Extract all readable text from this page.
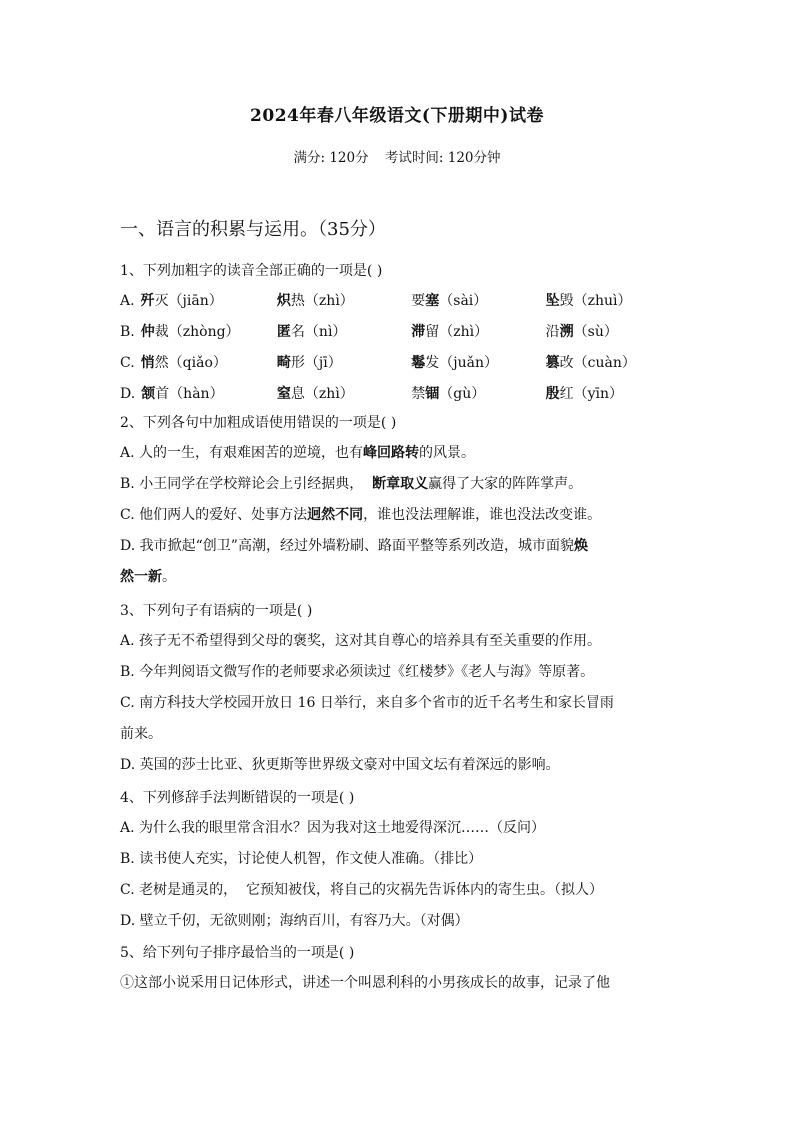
2024年春八年级语文(下册期中)试卷
满分: 120分 考试时间: 120分钟
一、语言的积累与运用。（35分）
1、下列加粗字的读音全部正确的一项是( )
A. 歼灭（jiān）	炽热（zhì）	要塞（sài）	坠毁（zhuì）
B. 仲裁（zhòng）	匿名（nì）	滞留（zhì）	沿溯（sù）
C. 悄然（qiǎo）	畸形（jī）	鬈发（juǎn）	篡改（cuàn）
D. 颔首（hàn）	窒息（zhì）	禁锢（gù）	殷红（yīn）
2、下列各句中加粗成语使用错误的一项是( )
A. 人的一生，有艰难困苦的逆境，也有峰回路转的风景。
B. 小王同学在学校辩论会上引经据典，  断章取义赢得了大家的阵阵掌声。
C. 他们两人的爱好、处事方法迥然不同，谁也没法理解谁，谁也没法改变谁。
D. 我市掀起“创卫”高潮，经过外墙粉刷、路面平整等系列改造，城市面貌焕
然一新。
3、下列句子有语病的一项是( )
A. 孩子无不希望得到父母的褒奖，这对其自尊心的培养具有至关重要的作用。
B. 今年判阅语文微写作的老师要求必须读过《红楼梦》《老人与海》等原著。
C. 南方科技大学校园开放日 16 日举行，来自多个省市的近千名考生和家长冒雨
前来。
D. 英国的莎士比亚、狄更斯等世界级文豪对中国文坛有着深远的影响。
4、下列修辞手法判断错误的一项是( )
A. 为什么我的眼里常含泪水？因为我对这土地爱得深沉……（反问）
B. 读书使人充实，讨论使人机智，作文使人准确。（排比）
C. 老树是通灵的，  它预知被伐，将自己的灾祸先告诉体内的寄生虫。（拟人）
D. 壁立千仞，无欲则刚；海纳百川，有容乃大。（对偶）
5、给下列句子排序最恰当的一项是( )
①这部小说采用日记体形式，讲述一个叫恩利科的小男孩成长的故事，记录了他
